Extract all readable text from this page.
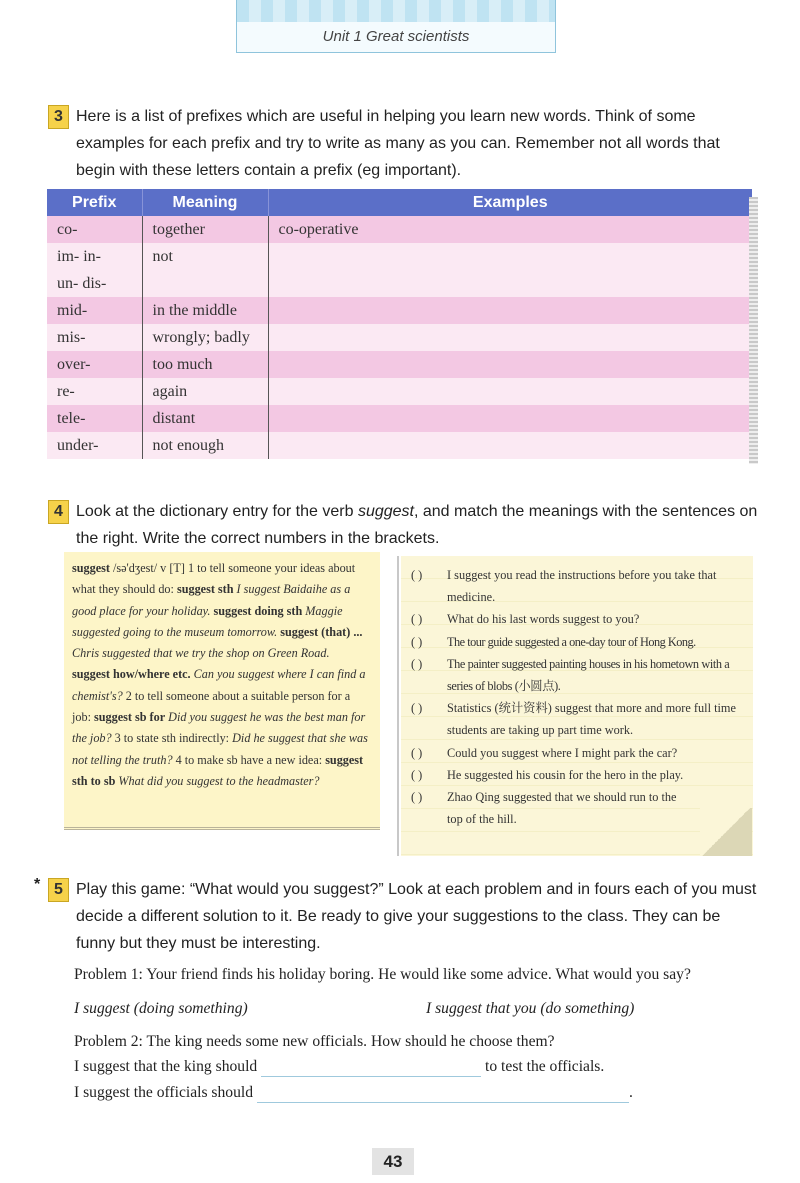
Unit 1 Great scientists
3 Here is a list of prefixes which are useful in helping you learn new words. Think of some examples for each prefix and try to write as many as you can. Remember not all words that begin with these letters contain a prefix (eg important).
Prefix	Meaning	Examples
co-	together	co-operative
im- in-	not	
un- dis-		
mid-	in the middle	
mis-	wrongly; badly	
over-	too much	
re-	again	
tele-	distant	
under-	not enough	
4 Look at the dictionary entry for the verb suggest, and match the meanings with the sentences on the right. Write the correct numbers in the brackets.
suggest /sə'dʒest/ v [T] 1 to tell someone your ideas about what they should do: suggest sth I suggest Baidaihe as a good place for your holiday. suggest doing sth Maggie suggested going to the museum tomorrow. suggest (that) ... Chris suggested that we try the shop on Green Road. suggest how/where etc. Can you suggest where I can find a chemist's? 2 to tell someone about a suitable person for a job: suggest sb for Did you suggest he was the best man for the job? 3 to state sth indirectly: Did he suggest that she was not telling the truth? 4 to make sb have a new idea: suggest sth to sb What did you suggest to the headmaster?
( )	I suggest you read the instructions before you take that medicine.
( )	What do his last words suggest to you?
( )	The tour guide suggested a one-day tour of Hong Kong.
( )	The painter suggested painting houses in his hometown with a series of blobs (小圆点).
( )	Statistics (统计资料) suggest that more and more full time students are taking up part time work.
( )	Could you suggest where I might park the car?
( )	He suggested his cousin for the hero in the play.
( )	Zhao Qing suggested that we should run to the top of the hill.
* 5 Play this game: “What would you suggest?” Look at each problem and in fours each of you must decide a different solution to it. Be ready to give your suggestions to the class. They can be funny but they must be interesting.
Problem 1: Your friend finds his holiday boring. He would like some advice. What would you say?
I suggest (doing something)	I suggest that you (do something)
Problem 2: The king needs some new officials. How should he choose them?
I suggest that the king should	to test the officials.
I suggest the officials should	.
43
